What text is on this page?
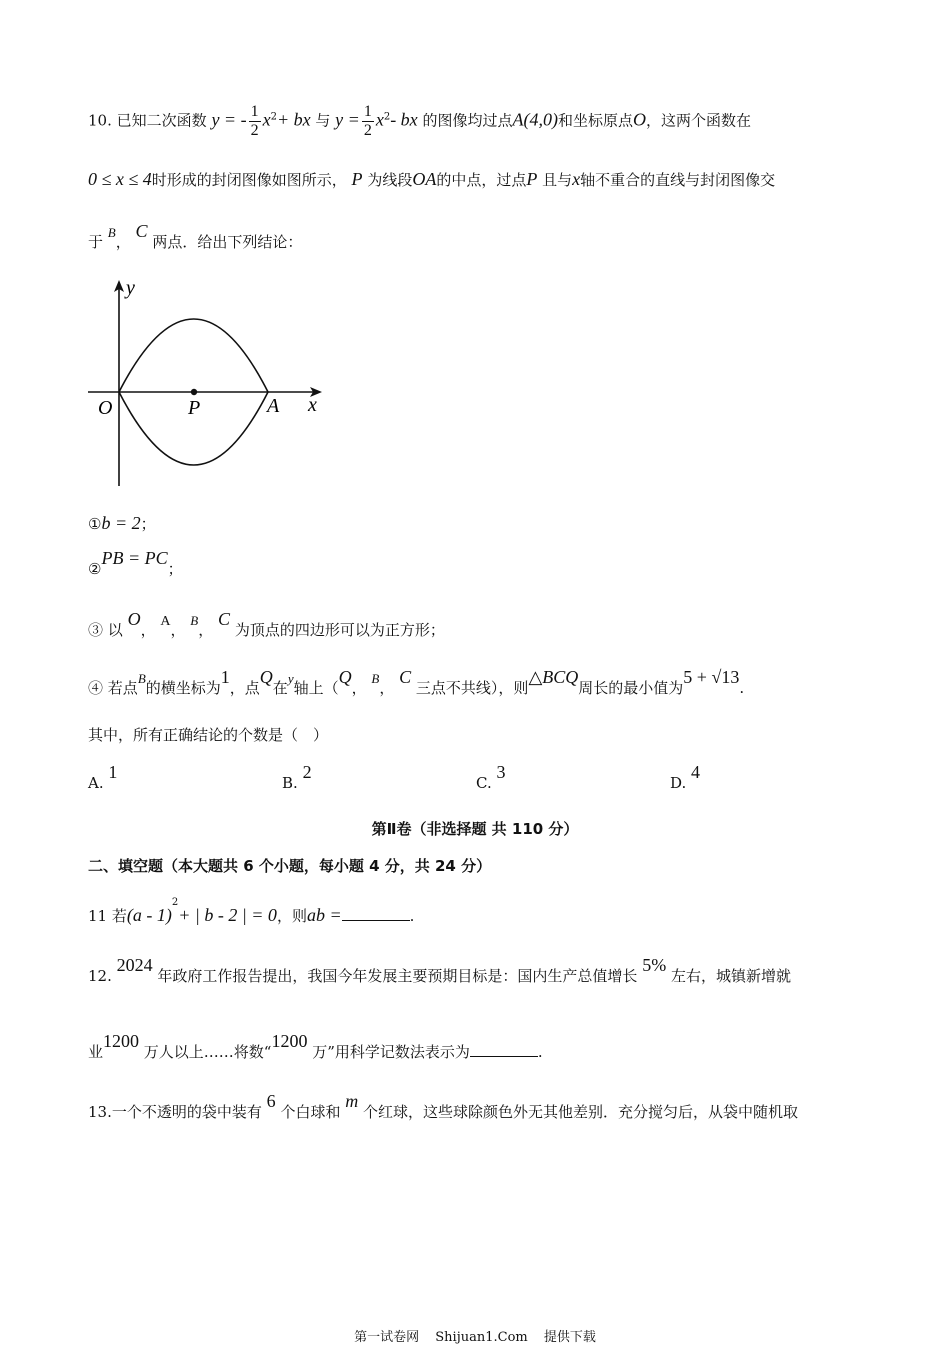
10. 已知二次函数 y = - $\frac{1}{2} x^2+$ bx 与 $y = \frac{1}{2} x^2-$ bx 的图像均过点A(4,0)和坐标原点O，这两个函数在
0 ≤ x ≤ 4时形成的封闭图像如图所示， P 为线段OA的中点，过点P 且与x轴不重合的直线与封闭图像交
于 B， C 两点．给出下列结论：
y
x
O	P	A
①b = 2；
②PB = PC；
③ 以 O， A， B， C 为顶点的四边形可以为正方形；
④ 若点B的横坐标为1，点Q在y轴上（Q， B， C 三点不共线），则△BCQ周长的最小值为5 + √13.
其中，所有正确结论的个数是（　）
A. 1
B. 2
C. 3
D. 4
第Ⅱ卷（非选择题 共 110 分）
二、填空题（本大题共 6 个小题，每小题 4 分，共 24 分）
11 若(a - 1)$^2$+ | b - 2 | = 0，则ab =	.
12. 2024 年政府工作报告提出，我国今年发展主要预期目标是：国内生产总值增长 5% 左右，城镇新增就
业1200 万人以上……将数“1200 万”用科学记数法表示为	.
13.一个不透明的袋中装有 6 个白球和 m 个红球，这些球除颜色外无其他差别．充分搅匀后，从袋中随机取
第一试卷网 Shijuan1.Com 提供下载
